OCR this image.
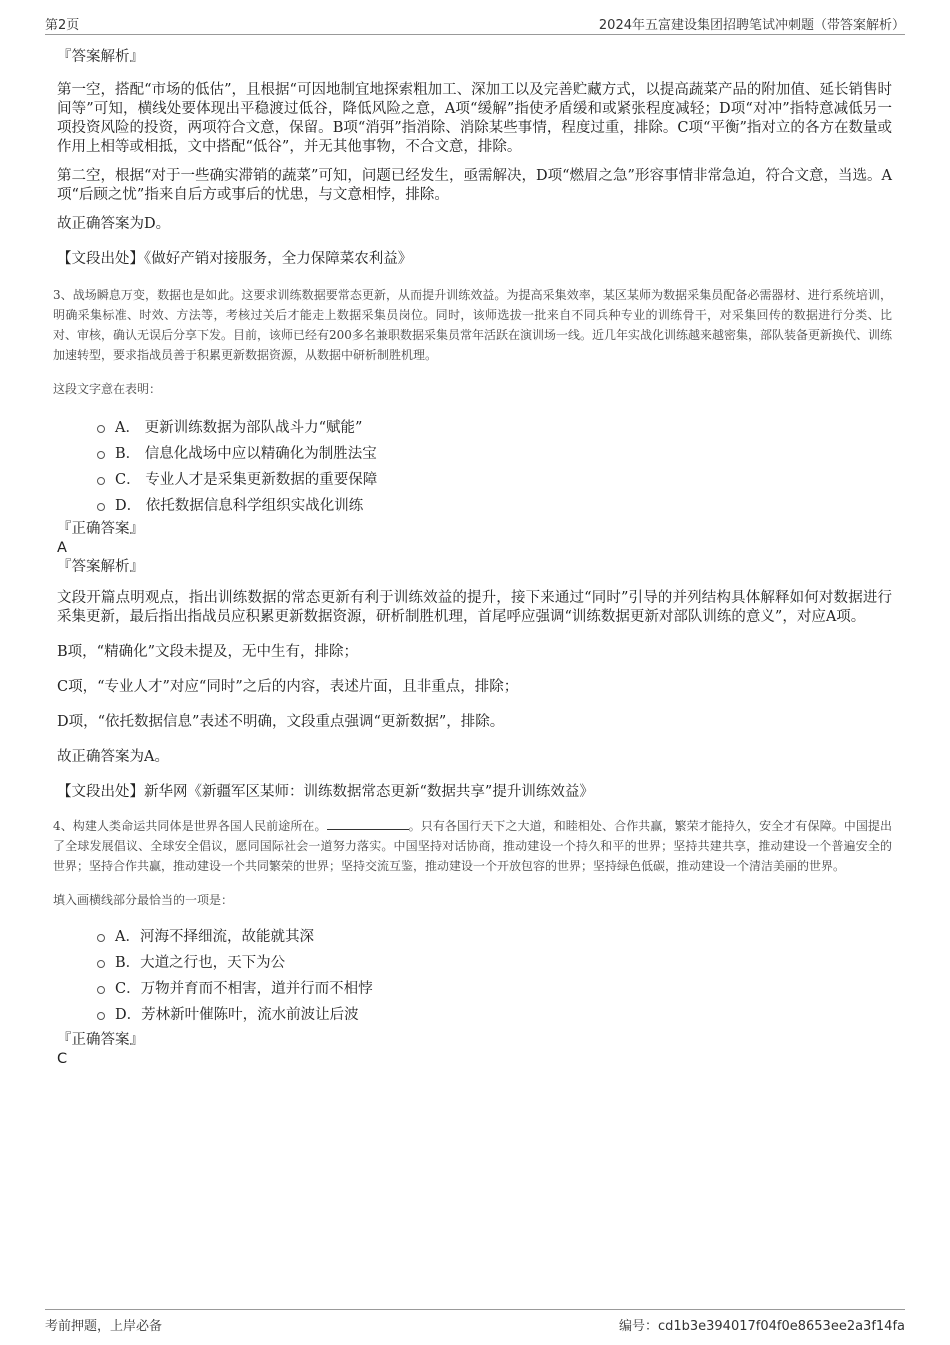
第2页	2024年五富建设集团招聘笔试冲刺题（带答案解析）

『答案解析』

第一空，搭配“市场的低估”，且根据“可因地制宜地探索粗加工、深加工以及完善贮藏方式，以提高蔬菜产品的附加值、延长销售时间等”可知，横线处要体现出平稳渡过低谷，降低风险之意，A项“缓解”指使矛盾缓和或紧张程度减轻；D项“对冲”指特意减低另一项投资风险的投资，两项符合文意，保留。B项“消弭”指消除、消除某些事情，程度过重，排除。C项“平衡”指对立的各方在数量或作用上相等或相抵，文中搭配“低谷”，并无其他事物，不合文意，排除。

第二空，根据“对于一些确实滞销的蔬菜”可知，问题已经发生，亟需解决，D项“燃眉之急”形容事情非常急迫，符合文意，当选。A项“后顾之忧”指来自后方或事后的忧患，与文意相悖，排除。

故正确答案为D。

【文段出处】《做好产销对接服务，全力保障菜农利益》

3、战场瞬息万变，数据也是如此。这要求训练数据要常态更新，从而提升训练效益。为提高采集效率，某区某师为数据采集员配备必需器材、进行系统培训，明确采集标准、时效、方法等，考核过关后才能走上数据采集员岗位。同时，该师选拔一批来自不同兵种专业的训练骨干，对采集回传的数据进行分类、比对、审核，确认无误后分享下发。目前，该师已经有200多名兼职数据采集员常年活跃在演训场一线。近几年实战化训练越来越密集，部队装备更新换代、训练加速转型，要求指战员善于积累更新数据资源，从数据中研析制胜机理。

这段文字意在表明：

A． 更新训练数据为部队战斗力“赋能”
B． 信息化战场中应以精确化为制胜法宝
C． 专业人才是采集更新数据的重要保障
D． 依托数据信息科学组织实战化训练

『正确答案』

A

『答案解析』

文段开篇点明观点，指出训练数据的常态更新有利于训练效益的提升，接下来通过“同时”引导的并列结构具体解释如何对数据进行采集更新，最后指出指战员应积累更新数据资源，研析制胜机理，首尾呼应强调“训练数据更新对部队训练的意义”，对应A项。

B项，“精确化”文段未提及，无中生有，排除；

C项，“专业人才”对应“同时”之后的内容，表述片面，且非重点，排除；

D项，“依托数据信息”表述不明确，文段重点强调“更新数据”，排除。

故正确答案为A。

【文段出处】新华网《新疆军区某师：训练数据常态更新“数据共享”提升训练效益》

4、构建人类命运共同体是世界各国人民前途所在。	。只有各国行天下之大道，和睦相处、合作共赢，繁荣才能持久，安全才有保障。中国提出了全球发展倡议、全球安全倡议，愿同国际社会一道努力落实。中国坚持对话协商，推动建设一个持久和平的世界；坚持共建共享，推动建设一个普遍安全的世界；坚持合作共赢，推动建设一个共同繁荣的世界；坚持交流互鉴，推动建设一个开放包容的世界；坚持绿色低碳，推动建设一个清洁美丽的世界。

填入画横线部分最恰当的一项是：

A．河海不择细流，故能就其深
B．大道之行也，天下为公
C．万物并育而不相害，道并行而不相悖
D．芳林新叶催陈叶，流水前波让后波

『正确答案』

C

考前押题，上岸必备	编号：cd1b3e394017f04f0e8653ee2a3f14fa
